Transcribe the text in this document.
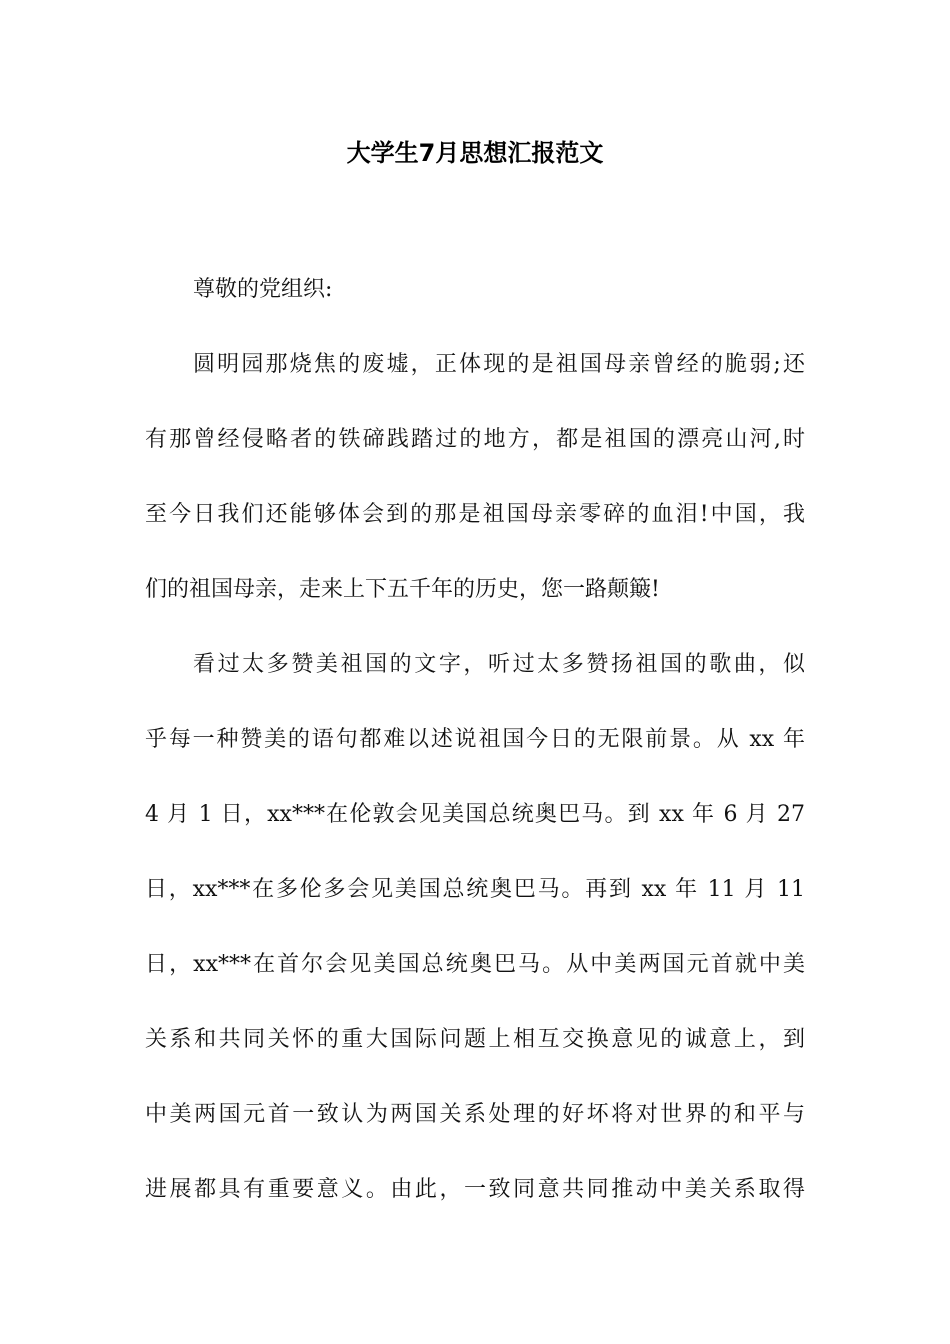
大学生7月思想汇报范文
尊敬的党组织:
圆明园那烧焦的废墟，正体现的是祖国母亲曾经的脆弱;还
有那曾经侵略者的铁碲践踏过的地方，都是祖国的漂亮山河,时
至今日我们还能够体会到的那是祖国母亲零碎的血泪!中国，我
们的祖国母亲，走来上下五千年的历史，您一路颠簸!
看过太多赞美祖国的文字，听过太多赞扬祖国的歌曲，似
乎每一种赞美的语句都难以述说祖国今日的无限前景。从 xx 年
4 月 1 日，xx***在伦敦会见美国总统奥巴马。到 xx 年 6 月 27
日，xx***在多伦多会见美国总统奥巴马。再到 xx 年 11 月 11
日，xx***在首尔会见美国总统奥巴马。从中美两国元首就中美
关系和共同关怀的重大国际问题上相互交换意见的诚意上，到
中美两国元首一致认为两国关系处理的好坏将对世界的和平与
进展都具有重要意义。由此，一致同意共同推动中美关系取得
